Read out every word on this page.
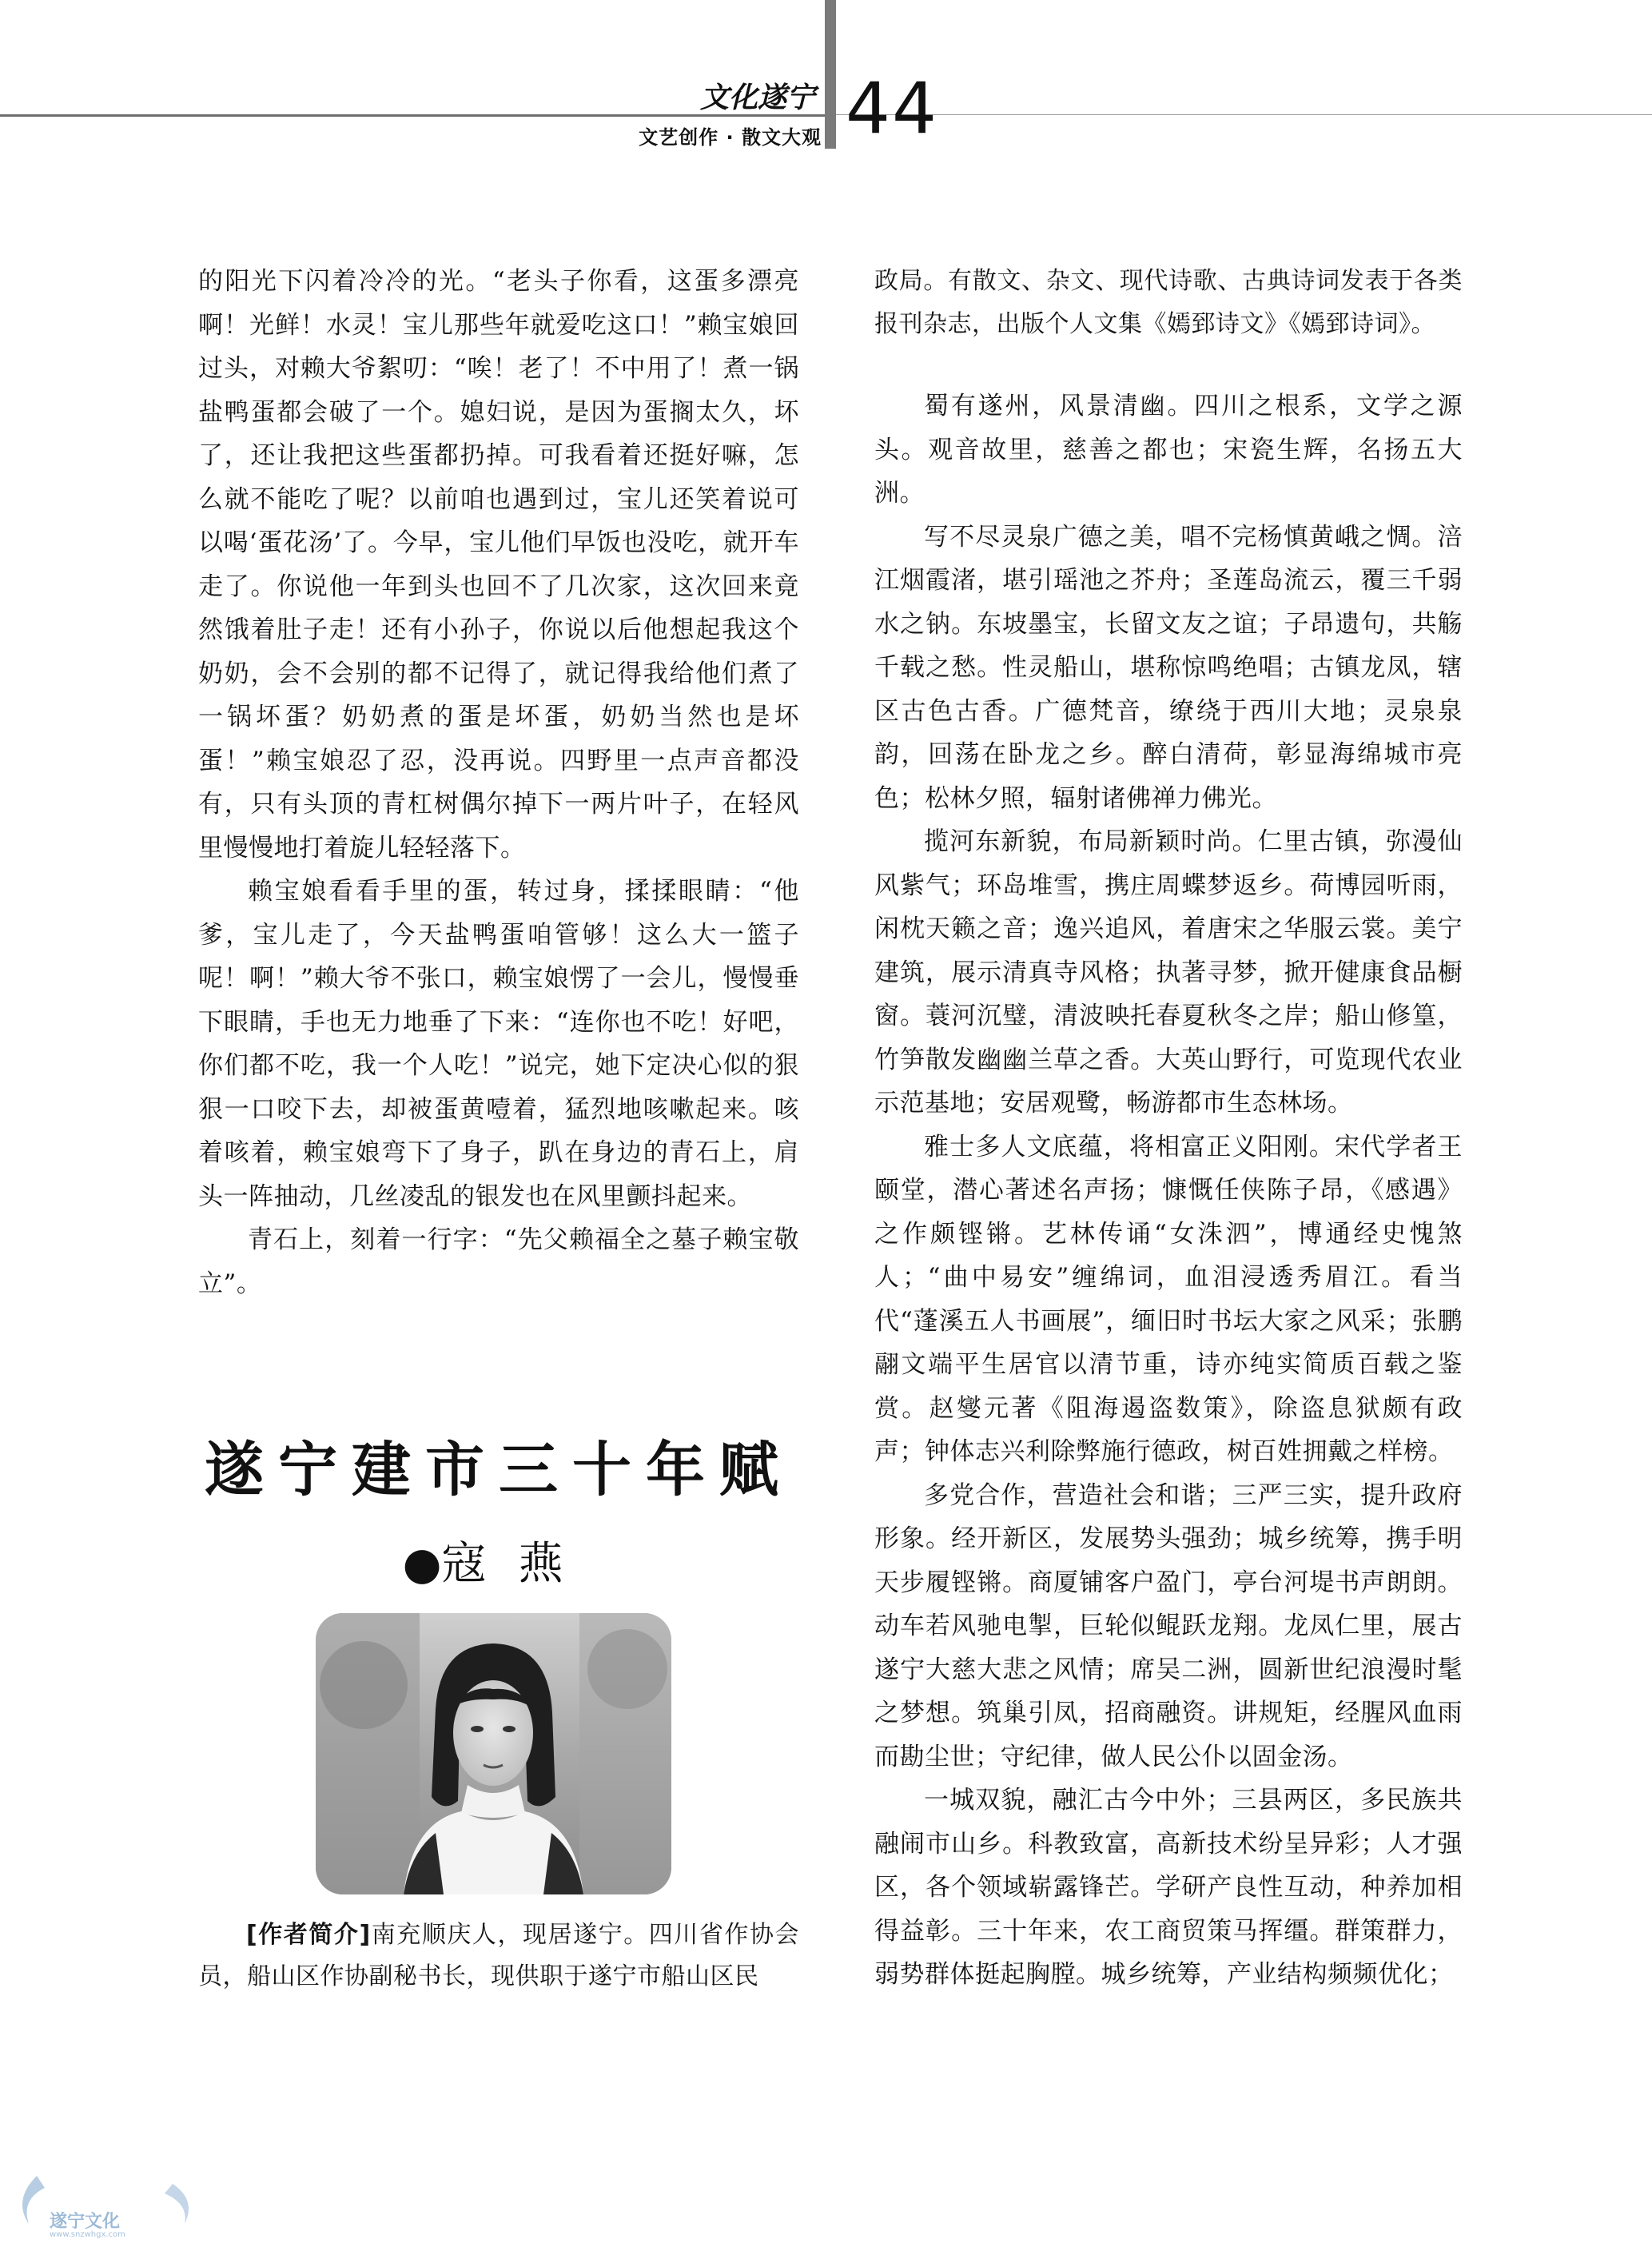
文化遂宁
文艺创作 · 散文大观 44

的阳光下闪着冷冷的光。“老头子你看，这蛋多漂亮啊！光鲜！水灵！宝儿那些年就爱吃这口！”赖宝娘回过头，对赖大爷絮叨：“唉！老了！不中用了！煮一锅盐鸭蛋都会破了一个。媳妇说，是因为蛋搁太久，坏了，还让我把这些蛋都扔掉。可我看着还挺好嘛，怎么就不能吃了呢？以前咱也遇到过，宝儿还笑着说可以喝‘蛋花汤’了。今早，宝儿他们早饭也没吃，就开车走了。你说他一年到头也回不了几次家，这次回来竟然饿着肚子走！还有小孙子，你说以后他想起我这个奶奶，会不会别的都不记得了，就记得我给他们煮了一锅坏蛋？奶奶煮的蛋是坏蛋，奶奶当然也是坏蛋！”赖宝娘忍了忍，没再说。四野里一点声音都没有，只有头顶的青杠树偶尔掉下一两片叶子，在轻风里慢慢地打着旋儿轻轻落下。

赖宝娘看看手里的蛋，转过身，揉揉眼睛：“他爹，宝儿走了，今天盐鸭蛋咱管够！这么大一篮子呢！啊！”赖大爷不张口，赖宝娘愣了一会儿，慢慢垂下眼睛，手也无力地垂了下来：“连你也不吃！好吧，你们都不吃，我一个人吃！”说完，她下定决心似的狠狠一口咬下去，却被蛋黄噎着，猛烈地咳嗽起来。咳着咳着，赖宝娘弯下了身子，趴在身边的青石上，肩头一阵抽动，几丝凌乱的银发也在风里颤抖起来。

青石上，刻着一行字：“先父赖福全之墓子赖宝敬立”。

遂宁建市三十年赋
●寇燕
[作者简介]南充顺庆人，现居遂宁。四川省作协会员，船山区作协副秘书长，现供职于遂宁市船山区民

政局。有散文、杂文、现代诗歌、古典诗词发表于各类报刊杂志，出版个人文集《嫣郅诗文》《嫣郅诗词》。

蜀有遂州，风景清幽。四川之根系，文学之源头。观音故里，慈善之都也；宋瓷生辉，名扬五大洲。

写不尽灵泉广德之美，唱不完杨慎黄峨之惆。涪江烟霞渚，堪引瑶池之芥舟；圣莲岛流云，覆三千弱水之钠。东坡墨宝，长留文友之谊；子昂遗句，共觞千载之愁。性灵船山，堪称惊鸣绝唱；古镇龙凤，辖区古色古香。广德梵音，缭绕于西川大地；灵泉泉韵，回荡在卧龙之乡。醉白清荷，彰显海绵城市亮色；松林夕照，辐射诸佛禅力佛光。

揽河东新貌，布局新颖时尚。仁里古镇，弥漫仙风紫气；环岛堆雪，携庄周蝶梦返乡。荷博园听雨，闲枕天籁之音；逸兴追风，着唐宋之华服云裳。美宁建筑，展示清真寺风格；执著寻梦，掀开健康食品橱窗。蓑河沉璧，清波映托春夏秋冬之岸；船山修篁，竹笋散发幽幽兰草之香。大英山野行，可览现代农业示范基地；安居观鹭，畅游都市生态林场。

雅士多人文底蕴，将相富正义阳刚。宋代学者王颐堂，潜心著述名声扬；慷慨任侠陈子昂，《感遇》之作颇铿锵。艺林传诵“女洙泗”，博通经史愧煞人；“曲中易安”缠绵词，血泪浸透秀眉江。看当代“蓬溪五人书画展”，缅旧时书坛大家之风采；张鹏翮文端平生居官以清节重，诗亦纯实简质百载之鉴赏。赵燮元著《阻海遏盗数策》，除盗息狱颇有政声；钟体志兴利除弊施行德政，树百姓拥戴之样榜。

多党合作，营造社会和谐；三严三实，提升政府形象。经开新区，发展势头强劲；城乡统筹，携手明天步履铿锵。商厦铺客户盈门，亭台河堤书声朗朗。动车若风驰电掣，巨轮似鲲跃龙翔。龙凤仁里，展古遂宁大慈大悲之风情；席吴二洲，圆新世纪浪漫时髦之梦想。筑巢引凤，招商融资。讲规矩，经腥风血雨而勘尘世；守纪律，做人民公仆以固金汤。

一城双貌，融汇古今中外；三县两区，多民族共融闹市山乡。科教致富，高新技术纷呈异彩；人才强区，各个领域崭露锋芒。学研产良性互动，种养加相得益彰。三十年来，农工商贸策马挥缰。群策群力，弱势群体挺起胸膛。城乡统筹，产业结构频频优化；

遂宁文化
www.snzwhgx.com
